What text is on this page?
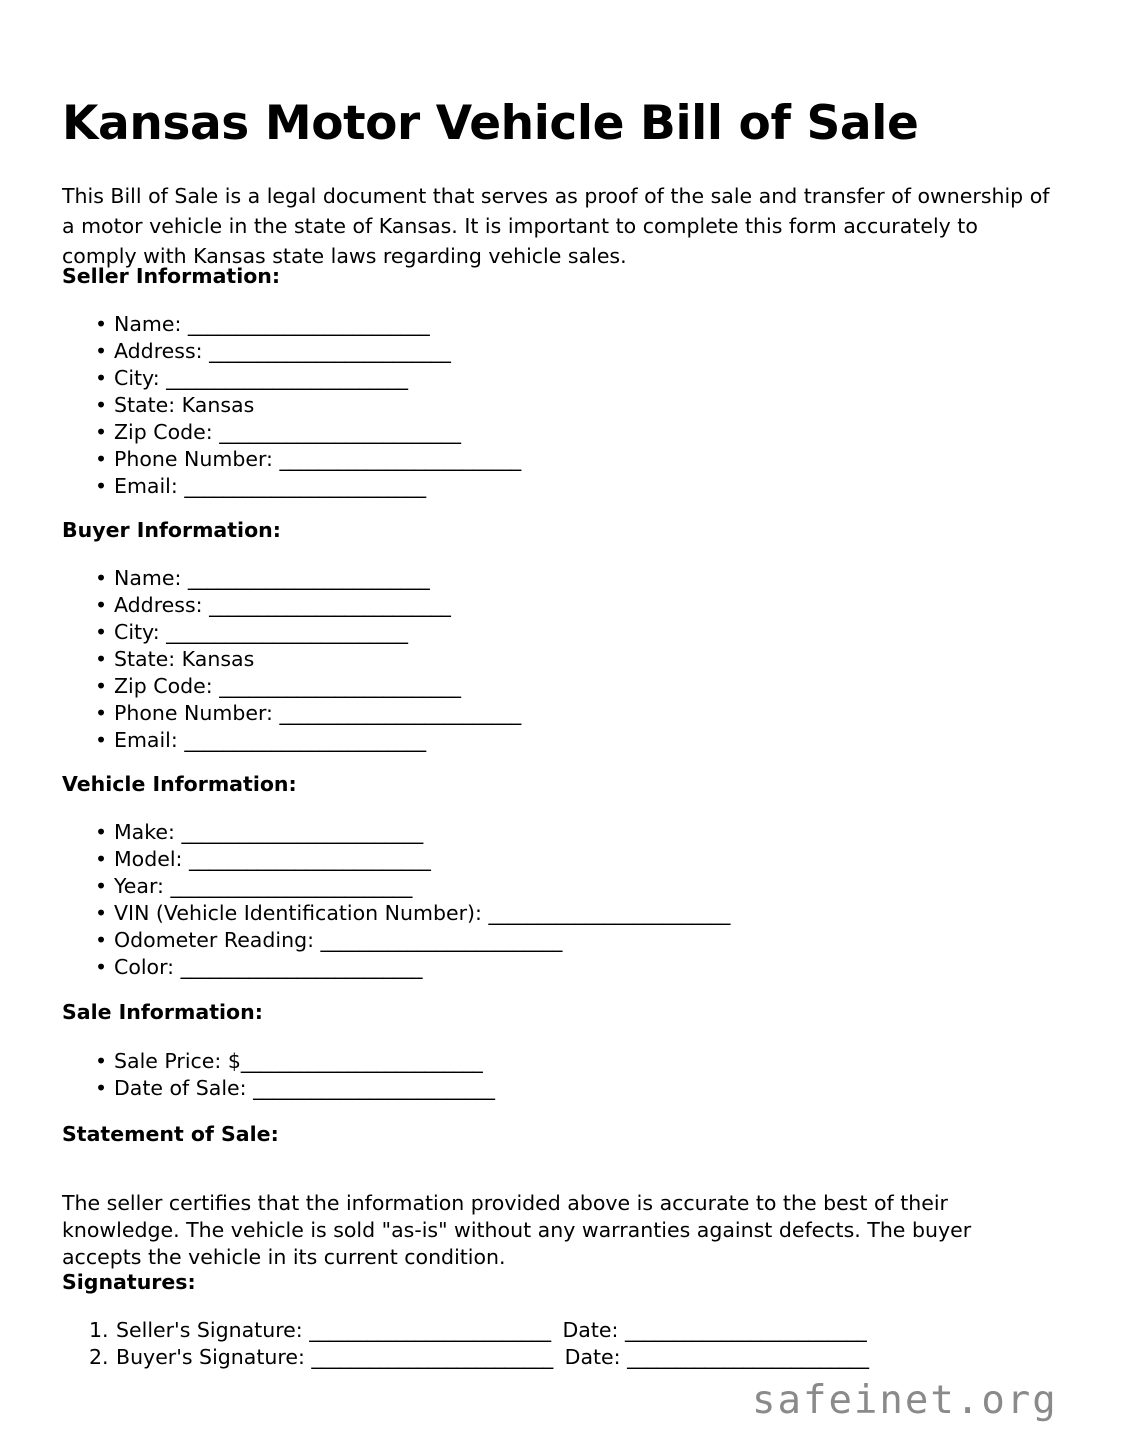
Kansas Motor Vehicle Bill of Sale

This Bill of Sale is a legal document that serves as proof of the sale and transfer of ownership of a motor vehicle in the state of Kansas. It is important to complete this form accurately to comply with Kansas state laws regarding vehicle sales.

Seller Information:
• Name: _________________________
• Address: _________________________
• City: _________________________
• State: Kansas
• Zip Code: _________________________
• Phone Number: _________________________
• Email: _________________________
Buyer Information:
• Name: _________________________
• Address: _________________________
• City: _________________________
• State: Kansas
• Zip Code: _________________________
• Phone Number: _________________________
• Email: _________________________
Vehicle Information:
• Make: _________________________
• Model: _________________________
• Year: _________________________
• VIN (Vehicle Identification Number): _________________________
• Odometer Reading: _________________________
• Color: _________________________
Sale Information:
• Sale Price: $_________________________
• Date of Sale: _________________________
Statement of Sale:

The seller certifies that the information provided above is accurate to the best of their knowledge. The vehicle is sold "as-is" without any warranties against defects. The buyer accepts the vehicle in its current condition.

Signatures:
Seller's Signature: _________________________ Date: _________________________
Buyer's Signature: _________________________ Date: _________________________
safeinet.org
